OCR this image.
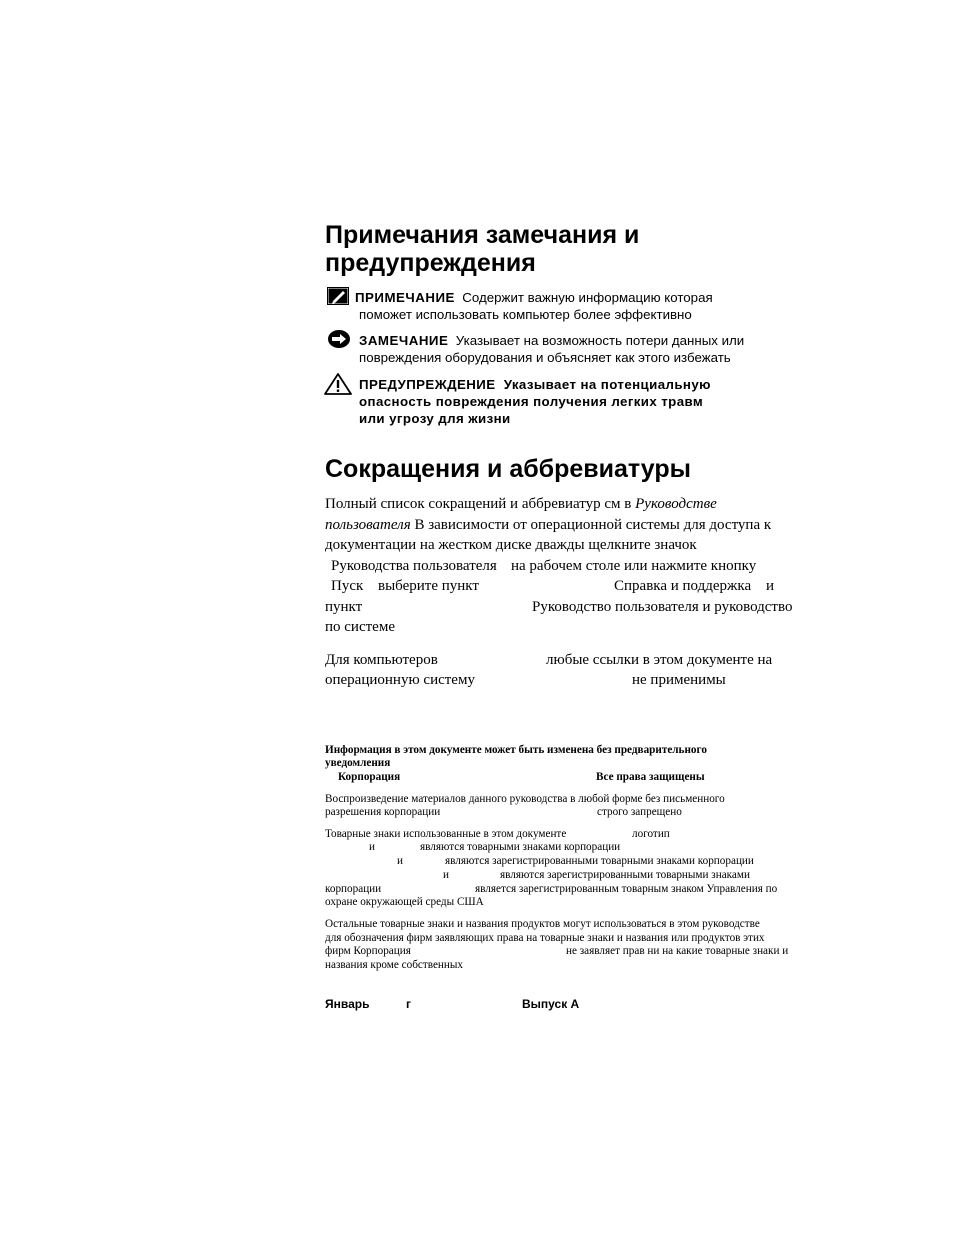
Примечания замечания и
предупреждения
ПРИМЕЧАНИЕ Содержит важную информацию которая
поможет использовать компьютер более эффективно
ЗАМЕЧАНИЕ Указывает на возможность потери данных или
повреждения оборудования и объясняет как этого избежать
ПРЕДУПРЕЖДЕНИЕ Указывает на потенциальную
опасность повреждения получения легких травм
или угрозу для жизни
Сокращения и аббревиатуры
Полный список сокращений и аббревиатур см в Руководстве
пользователя В зависимости от операционной системы для доступа к
документации на жестком диске дважды щелкните значок
Руководства пользователя на рабочем столе или нажмите кнопку
Пуск выберите пункт	Справка и поддержка и
пункт	Руководство пользователя и руководство
по системе
Для компьютеров	любые ссылки в этом документе на
операционную систему	не применимы
Информация в этом документе может быть изменена без предварительного
уведомления
Корпорация	Все права защищены
Воспроизведение материалов данного руководства в любой форме без письменного
разрешения корпорации	строго запрещено
Товарные знаки использованные в этом документе	логотип
и	являются товарными знаками корпорации
и	являются зарегистрированными товарными знаками корпорации
и	являются зарегистрированными товарными знаками
корпорации	является зарегистрированным товарным знаком Управления по
охране окружающей среды США
Остальные товарные знаки и названия продуктов могут использоваться в этом руководстве
для обозначения фирм заявляющих права на товарные знаки и названия или продуктов этих
фирм Корпорация	не заявляет прав ни на какие товарные знаки и
названия кроме собственных
Январь	г	Выпуск A
